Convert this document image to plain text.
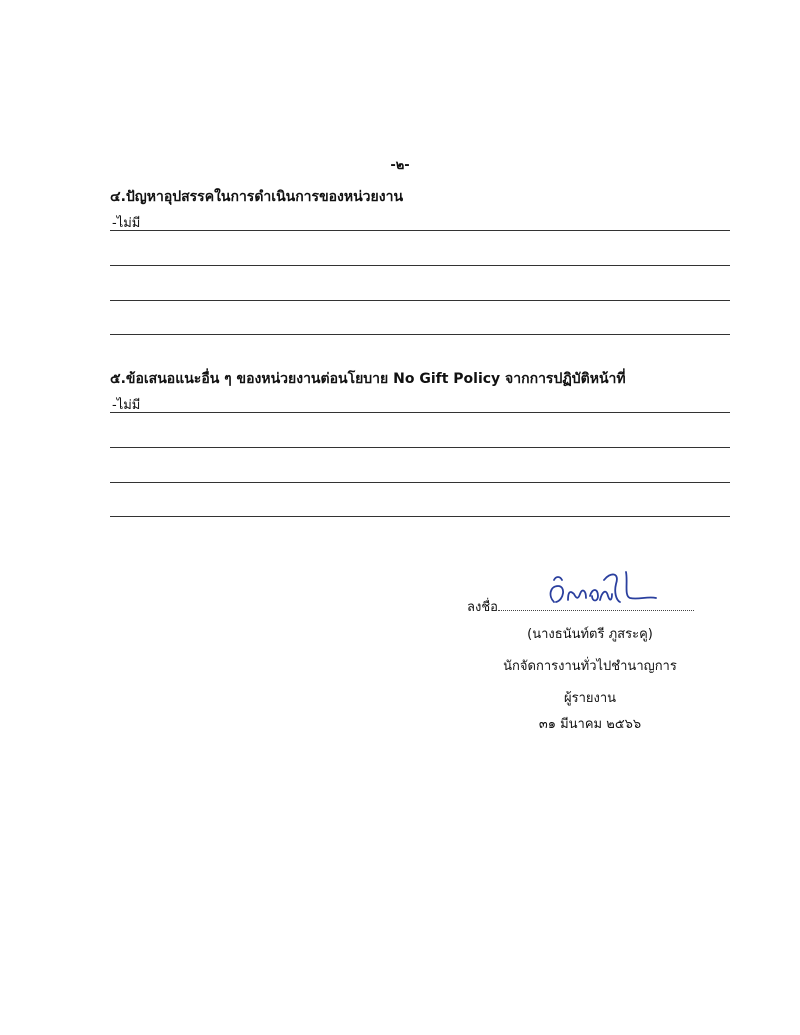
-๒-
๔.ปัญหาอุปสรรคในการดำเนินการของหน่วยงาน
-ไม่มี
๕.ข้อเสนอแนะอื่น ๆ ของหน่วยงานต่อนโยบาย No Gift Policy จากการปฏิบัติหน้าที่
-ไม่มี
ลงชื่อ
(นางธนันท์ตรี ภูสระคู)
นักจัดการงานทั่วไปชำนาญการ
ผู้รายงาน
๓๑ มีนาคม ๒๕๖๖
